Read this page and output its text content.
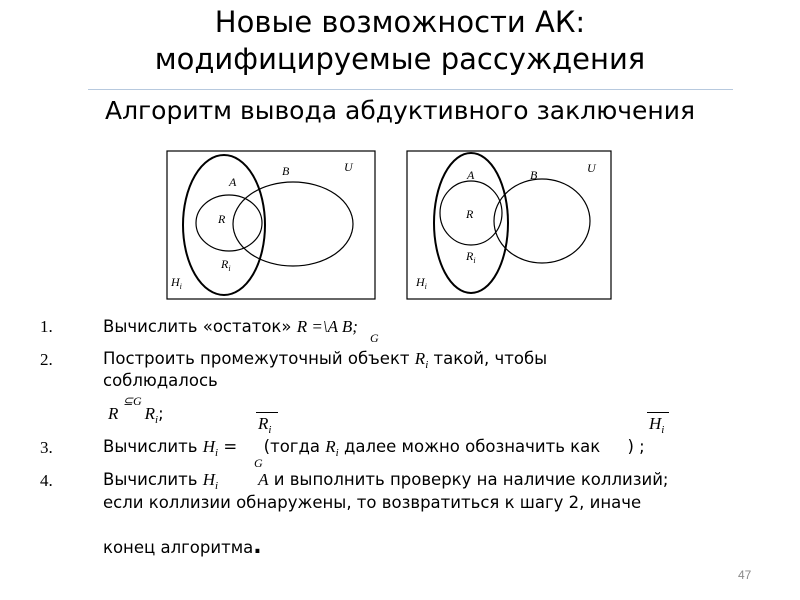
Новые возможности АК:
модифицируемые рассуждения
Алгоритм вывода абдуктивного заключения
U
B
A
R
$R_i$
$H_i$
U
B
A
R
$R_i$
$H_i$
1.	Вычислить «остаток» R =\A B;
G
2.	Построить промежуточный объект $R_i$ такой, чтобы
соблюдалось
R $R_i$;
⊆G
3.	Вычислить $H_i$ =  (тогда $R_i$ далее можно обозначить как ) ;
$R_i$	$H_i$
G
4.	Вычислить $H_i$ A и выполнить проверку на наличие коллизий;
если коллизии обнаружены, то возвратиться к шагу 2, иначе
конец алгоритма.
47
